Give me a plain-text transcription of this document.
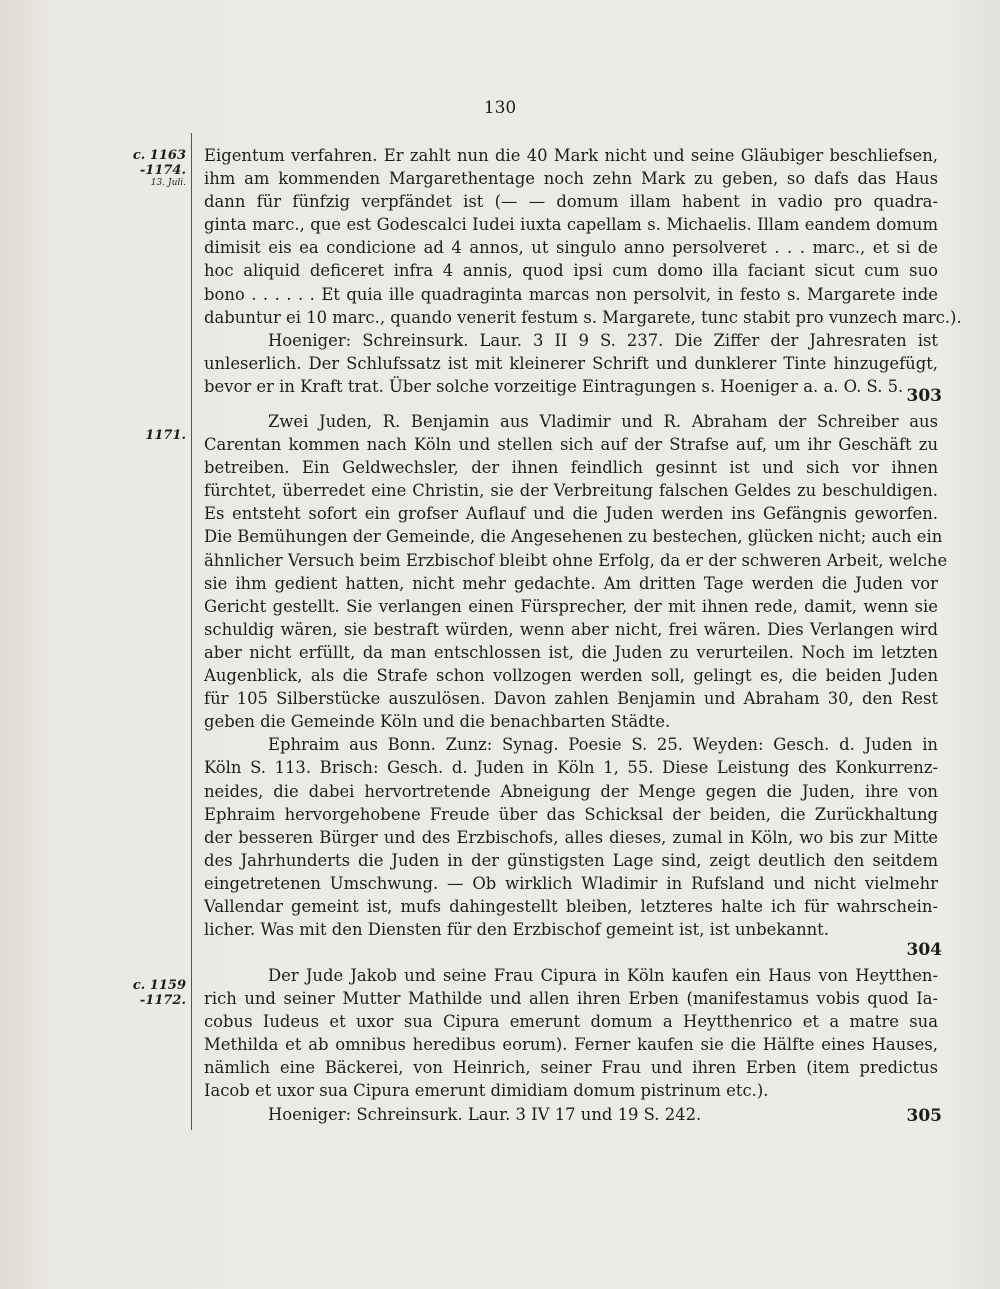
130
c. 1163
-1174.
13. Juli.
1171.
c. 1159
-1172.
Eigentum verfahren. Er zahlt nun die 40 Mark nicht und seine Gläubiger beschliefsen,
ihm am kommenden Margarethentage noch zehn Mark zu geben, so dafs das Haus
dann für fünfzig verpfändet ist (— — domum illam habent in vadio pro quadra-
ginta marc., que est Godescalci Iudei iuxta capellam s. Michaelis. Illam eandem domum
dimisit eis ea condicione ad 4 annos, ut singulo anno persolveret . . . marc., et si de
hoc aliquid deficeret infra 4 annis, quod ipsi cum domo illa faciant sicut cum suo
bono . . . . . . Et quia ille quadraginta marcas non persolvit, in festo s. Margarete inde
dabuntur ei 10 marc., quando venerit festum s. Margarete, tunc stabit pro vunzech marc.).
Hoeniger: Schreinsurk. Laur. 3 II 9 S. 237. Die Ziffer der Jahresraten ist
unleserlich. Der Schlufssatz ist mit kleinerer Schrift und dunklerer Tinte hinzugefügt,
bevor er in Kraft trat. Über solche vorzeitige Eintragungen s. Hoeniger a. a. O. S. 5. 303
Zwei Juden, R. Benjamin aus Vladimir und R. Abraham der Schreiber aus
Carentan kommen nach Köln und stellen sich auf der Strafse auf, um ihr Geschäft zu
betreiben. Ein Geldwechsler, der ihnen feindlich gesinnt ist und sich vor ihnen
fürchtet, überredet eine Christin, sie der Verbreitung falschen Geldes zu beschuldigen.
Es entsteht sofort ein grofser Auflauf und die Juden werden ins Gefängnis geworfen.
Die Bemühungen der Gemeinde, die Angesehenen zu bestechen, glücken nicht; auch ein
ähnlicher Versuch beim Erzbischof bleibt ohne Erfolg, da er der schweren Arbeit, welche
sie ihm gedient hatten, nicht mehr gedachte. Am dritten Tage werden die Juden vor
Gericht gestellt. Sie verlangen einen Fürsprecher, der mit ihnen rede, damit, wenn sie
schuldig wären, sie bestraft würden, wenn aber nicht, frei wären. Dies Verlangen wird
aber nicht erfüllt, da man entschlossen ist, die Juden zu verurteilen. Noch im letzten
Augenblick, als die Strafe schon vollzogen werden soll, gelingt es, die beiden Juden
für 105 Silberstücke auszulösen. Davon zahlen Benjamin und Abraham 30, den Rest
geben die Gemeinde Köln und die benachbarten Städte.
Ephraim aus Bonn. Zunz: Synag. Poesie S. 25. Weyden: Gesch. d. Juden in
Köln S. 113. Brisch: Gesch. d. Juden in Köln 1, 55. Diese Leistung des Konkurrenz-
neides, die dabei hervortretende Abneigung der Menge gegen die Juden, ihre von
Ephraim hervorgehobene Freude über das Schicksal der beiden, die Zurückhaltung
der besseren Bürger und des Erzbischofs, alles dieses, zumal in Köln, wo bis zur Mitte
des Jahrhunderts die Juden in der günstigsten Lage sind, zeigt deutlich den seitdem
eingetretenen Umschwung. — Ob wirklich Wladimir in Rufsland und nicht vielmehr
Vallendar gemeint ist, mufs dahingestellt bleiben, letzteres halte ich für wahrschein-
licher. Was mit den Diensten für den Erzbischof gemeint ist, ist unbekannt.
304
Der Jude Jakob und seine Frau Cipura in Köln kaufen ein Haus von Heytthen-
rich und seiner Mutter Mathilde und allen ihren Erben (manifestamus vobis quod Ia-
cobus Iudeus et uxor sua Cipura emerunt domum a Heytthenrico et a matre sua
Methilda et ab omnibus heredibus eorum). Ferner kaufen sie die Hälfte eines Hauses,
nämlich eine Bäckerei, von Heinrich, seiner Frau und ihren Erben (item predictus
Iacob et uxor sua Cipura emerunt dimidiam domum pistrinum etc.).
Hoeniger: Schreinsurk. Laur. 3 IV 17 und 19 S. 242.	305
